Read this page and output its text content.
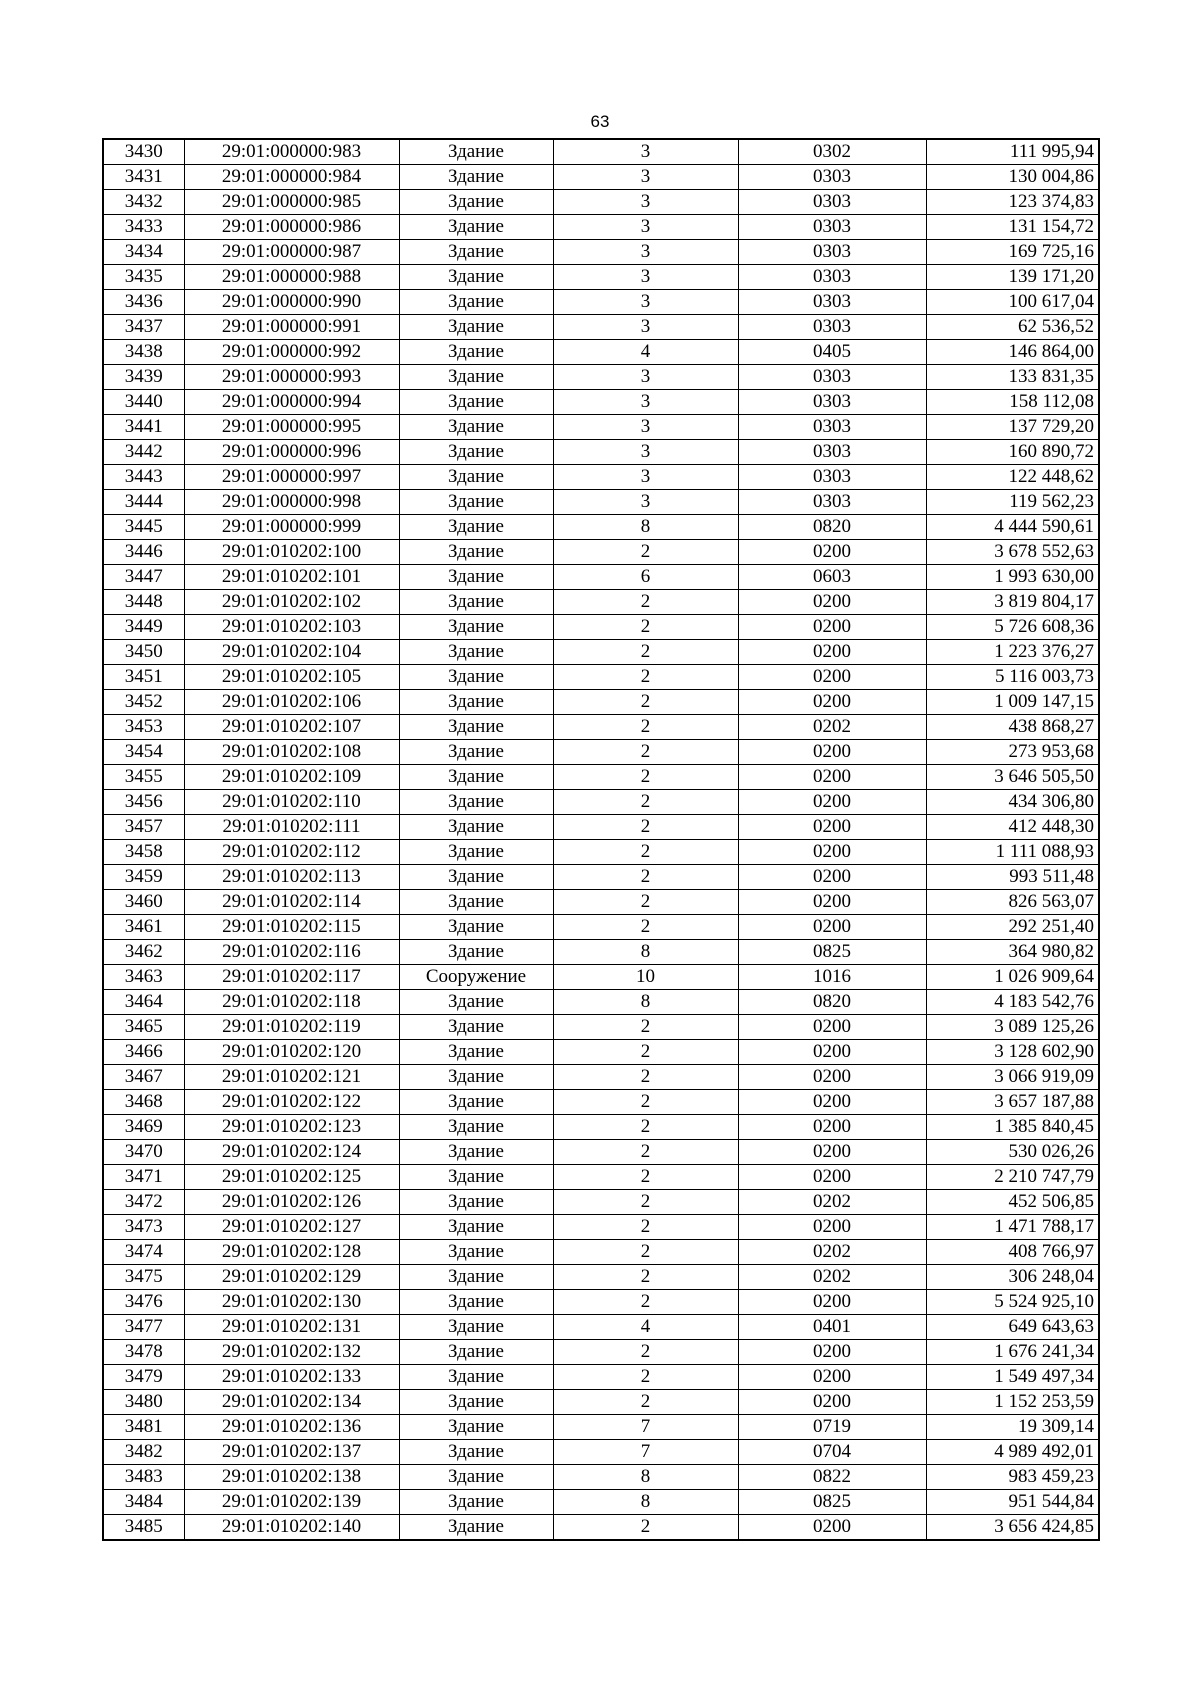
63
3430	29:01:000000:983	Здание	3	0302	111 995,94
3431	29:01:000000:984	Здание	3	0303	130 004,86
3432	29:01:000000:985	Здание	3	0303	123 374,83
3433	29:01:000000:986	Здание	3	0303	131 154,72
3434	29:01:000000:987	Здание	3	0303	169 725,16
3435	29:01:000000:988	Здание	3	0303	139 171,20
3436	29:01:000000:990	Здание	3	0303	100 617,04
3437	29:01:000000:991	Здание	3	0303	62 536,52
3438	29:01:000000:992	Здание	4	0405	146 864,00
3439	29:01:000000:993	Здание	3	0303	133 831,35
3440	29:01:000000:994	Здание	3	0303	158 112,08
3441	29:01:000000:995	Здание	3	0303	137 729,20
3442	29:01:000000:996	Здание	3	0303	160 890,72
3443	29:01:000000:997	Здание	3	0303	122 448,62
3444	29:01:000000:998	Здание	3	0303	119 562,23
3445	29:01:000000:999	Здание	8	0820	4 444 590,61
3446	29:01:010202:100	Здание	2	0200	3 678 552,63
3447	29:01:010202:101	Здание	6	0603	1 993 630,00
3448	29:01:010202:102	Здание	2	0200	3 819 804,17
3449	29:01:010202:103	Здание	2	0200	5 726 608,36
3450	29:01:010202:104	Здание	2	0200	1 223 376,27
3451	29:01:010202:105	Здание	2	0200	5 116 003,73
3452	29:01:010202:106	Здание	2	0200	1 009 147,15
3453	29:01:010202:107	Здание	2	0202	438 868,27
3454	29:01:010202:108	Здание	2	0200	273 953,68
3455	29:01:010202:109	Здание	2	0200	3 646 505,50
3456	29:01:010202:110	Здание	2	0200	434 306,80
3457	29:01:010202:111	Здание	2	0200	412 448,30
3458	29:01:010202:112	Здание	2	0200	1 111 088,93
3459	29:01:010202:113	Здание	2	0200	993 511,48
3460	29:01:010202:114	Здание	2	0200	826 563,07
3461	29:01:010202:115	Здание	2	0200	292 251,40
3462	29:01:010202:116	Здание	8	0825	364 980,82
3463	29:01:010202:117	Сооружение	10	1016	1 026 909,64
3464	29:01:010202:118	Здание	8	0820	4 183 542,76
3465	29:01:010202:119	Здание	2	0200	3 089 125,26
3466	29:01:010202:120	Здание	2	0200	3 128 602,90
3467	29:01:010202:121	Здание	2	0200	3 066 919,09
3468	29:01:010202:122	Здание	2	0200	3 657 187,88
3469	29:01:010202:123	Здание	2	0200	1 385 840,45
3470	29:01:010202:124	Здание	2	0200	530 026,26
3471	29:01:010202:125	Здание	2	0200	2 210 747,79
3472	29:01:010202:126	Здание	2	0202	452 506,85
3473	29:01:010202:127	Здание	2	0200	1 471 788,17
3474	29:01:010202:128	Здание	2	0202	408 766,97
3475	29:01:010202:129	Здание	2	0202	306 248,04
3476	29:01:010202:130	Здание	2	0200	5 524 925,10
3477	29:01:010202:131	Здание	4	0401	649 643,63
3478	29:01:010202:132	Здание	2	0200	1 676 241,34
3479	29:01:010202:133	Здание	2	0200	1 549 497,34
3480	29:01:010202:134	Здание	2	0200	1 152 253,59
3481	29:01:010202:136	Здание	7	0719	19 309,14
3482	29:01:010202:137	Здание	7	0704	4 989 492,01
3483	29:01:010202:138	Здание	8	0822	983 459,23
3484	29:01:010202:139	Здание	8	0825	951 544,84
3485	29:01:010202:140	Здание	2	0200	3 656 424,85
